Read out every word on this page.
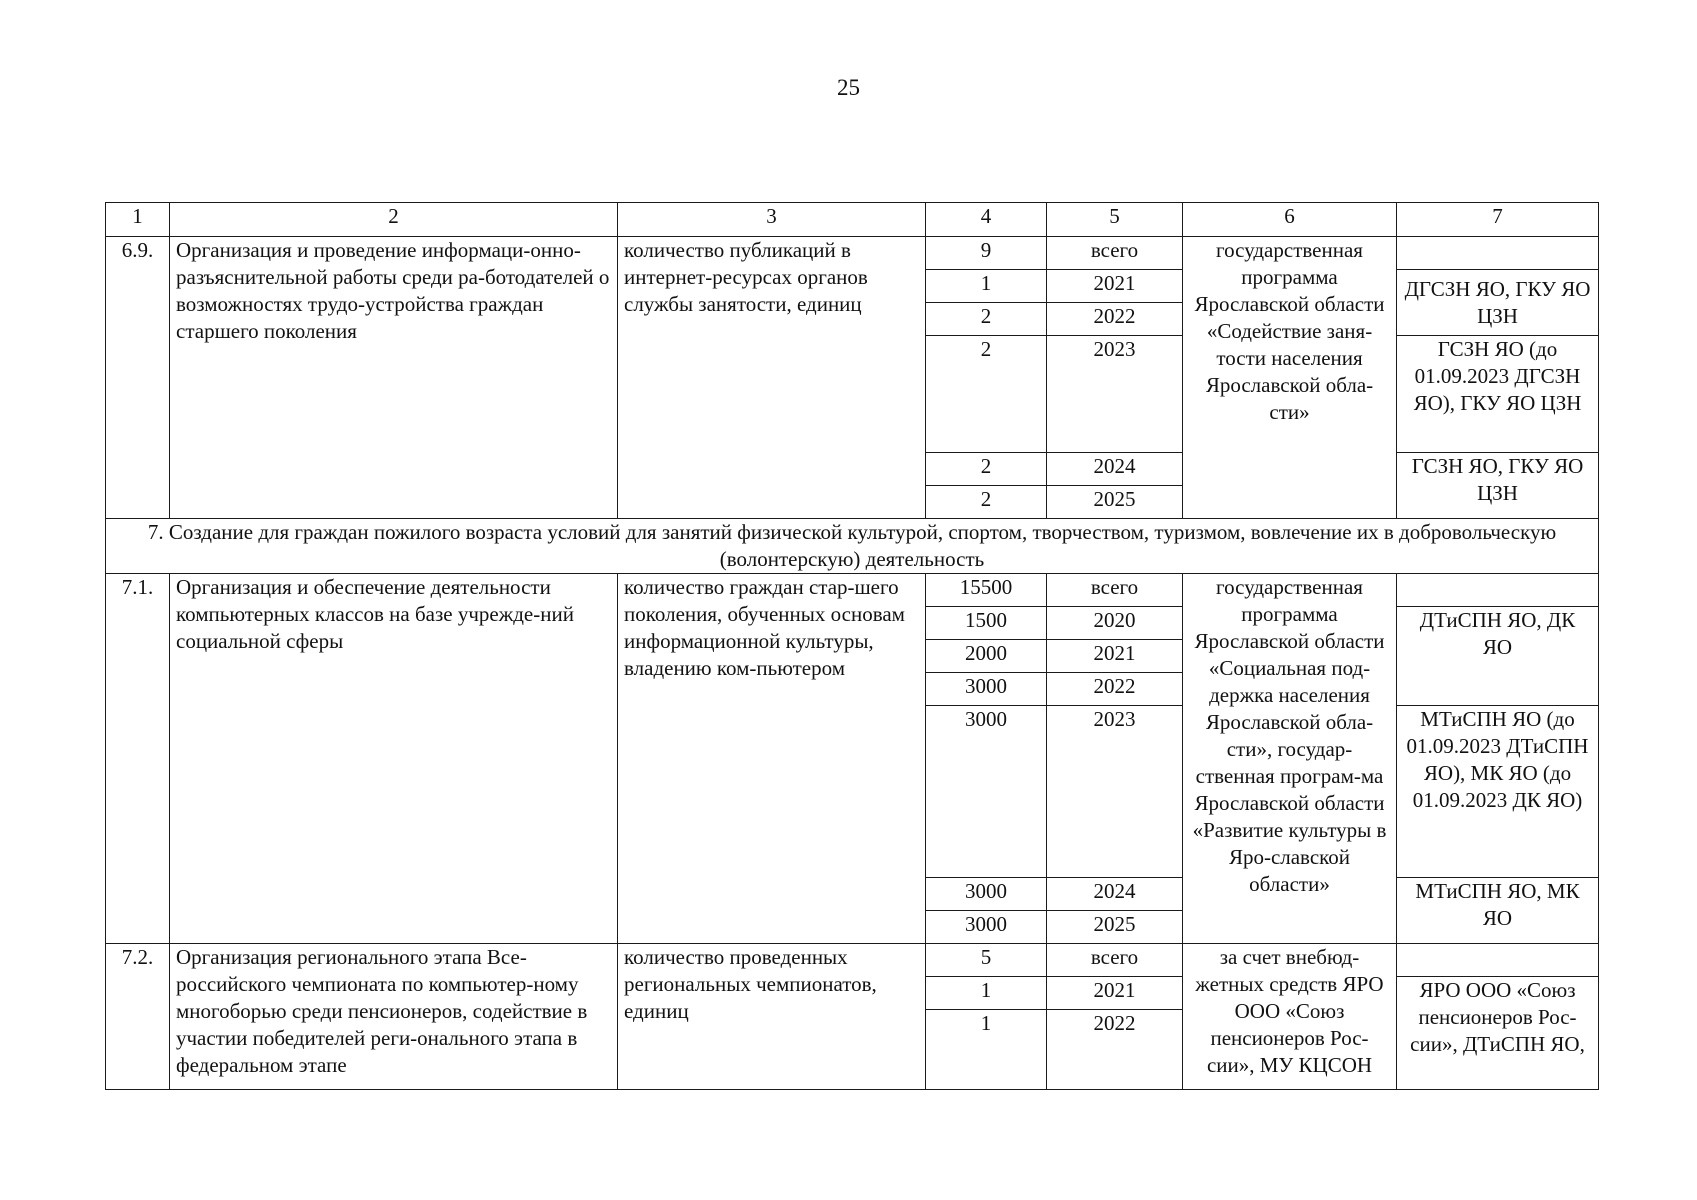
25
1	2	3	4	5	6	7
6.9.	Организация и проведение информаци-онно-разъяснительной работы среди ра-ботодателей о возможностях трудо-устройства граждан старшего поколения	количество публикаций в интернет-ресурсах органов службы занятости, единиц	9	всего	государственная программа Ярославской области «Содействие заня-тости населения Ярославской обла-сти»	
			1	2021		ДГСЗН ЯО, ГКУ ЯО ЦЗН
			2	2022		
			2	2023		ГСЗН ЯО (до 01.09.2023 ДГСЗН ЯО), ГКУ ЯО ЦЗН
			2	2024		ГСЗН ЯО, ГКУ ЯО ЦЗН
			2	2025		
7. Создание для граждан пожилого возраста условий для занятий физической культурой, спортом, творчеством, туризмом, вовлечение их в добровольческую (волонтерскую) деятельность						
7.1.	Организация и обеспечение деятельности компьютерных классов на базе учрежде-ний социальной сферы	количество граждан стар-шего поколения, обученных основам информационной культуры, владению ком-пьютером	15500	всего	государственная программа Ярославской области «Социальная под-держка населения Ярославской обла-сти», государ-ственная програм-ма Ярославской области «Развитие культуры в Яро-славской области»	
			1500	2020		ДТиСПН ЯО, ДК ЯО
			2000	2021		
			3000	2022		
			3000	2023		МТиСПН ЯО (до 01.09.2023 ДТиСПН ЯО), МК ЯО (до 01.09.2023 ДК ЯО)
			3000	2024		МТиСПН ЯО, МК ЯО
			3000	2025		
7.2.	Организация регионального этапа Все-российского чемпионата по компьютер-ному многоборью среди пенсионеров, содействие в участии победителей реги-онального этапа в федеральном этапе	количество проведенных региональных чемпионатов, единиц	5	всего	за счет внебюд-жетных средств ЯРО ООО «Союз пенсионеров Рос-сии», МУ КЦСОН	
			1	2021		ЯРО ООО «Союз пенсионеров Рос-сии», ДТиСПН ЯО,
			1	2022		
